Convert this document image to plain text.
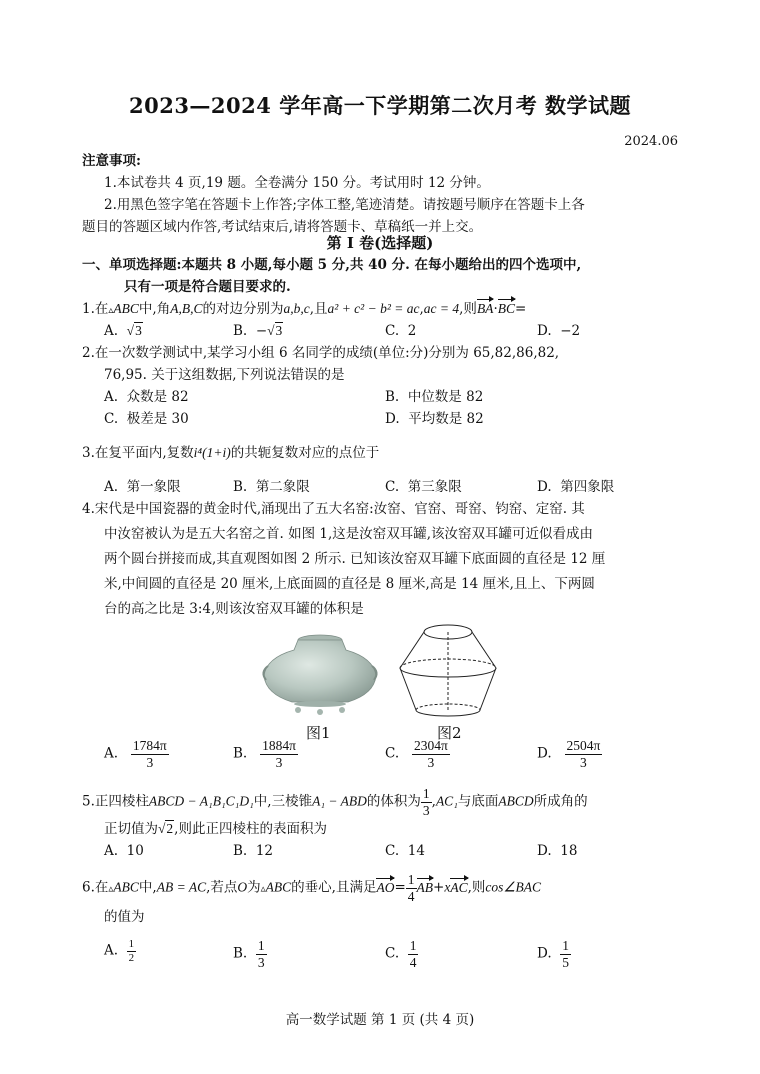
2023—2024 学年高一下学期第二次月考 数学试题
2024.06
注意事项:
1.本试卷共 4 页,19 题。全卷满分 150 分。考试用时 12 分钟。
2.用黑色签字笔在答题卡上作答;字体工整,笔迹清楚。请按题号顺序在答题卡上各
题目的答题区域内作答,考试结束后,请将答题卡、草稿纸一并上交。
第 I 卷(选择题)
一、单项选择题:本题共 8 小题,每小题 5 分,共 40 分. 在每小题给出的四个选项中,
只有一项是符合题目要求的.
1.在▵ABC中,角A,B,C的对边分别为a,b,c,且a² + c² − b² = ac,ac = 4,则BA·BC=
A. √3	B. −√3	C. 2	D. −2
2.在一次数学测试中,某学习小组 6 名同学的成绩(单位:分)分别为 65,82,86,82,
76,95. 关于这组数据,下列说法错误的是
A. 众数是 82	B. 中位数是 82
C. 极差是 30	D. 平均数是 82
3.在复平面内,复数i⁴(1+i)的共轭复数对应的点位于
A. 第一象限	B. 第二象限	C. 第三象限	D. 第四象限
4.宋代是中国瓷器的黄金时代,涌现出了五大名窑:汝窑、官窑、哥窑、钧窑、定窑. 其
中汝窑被认为是五大名窑之首. 如图 1,这是汝窑双耳罐,该汝窑双耳罐可近似看成由
两个圆台拼接而成,其直观图如图 2 所示. 已知该汝窑双耳罐下底面圆的直径是 12 厘
米,中间圆的直径是 20 厘米,上底面圆的直径是 8 厘米,高是 14 厘米,且上、下两圆
台的高之比是 3:4,则该汝窑双耳罐的体积是
图1	图2
A. $\frac{1784\pi}{3}$	B. $\frac{1884\pi}{3}$	C. $\frac{2304\pi}{3}$	D. $\frac{2504\pi}{3}$
5.正四棱柱ABCD − A₁B₁C₁D₁中,三棱锥A₁ − ABD的体积为 $\frac{1}{3} ,AC_1$与底面ABCD所成角的
正切值为√2,则此正四棱柱的表面积为
A. 10	B. 12	C. 14	D. 18
6.在▵ABC中,AB = AC,若点O为▵ABC的垂心,且满足$AO= \frac{1}{4} AB+xAC$,则cos∠BAC
的值为
A. $\frac{1}{2}$	B. $\frac{1}{3}$	C. $\frac{1}{4}$	D. $\frac{1}{5}$
高一数学试题 第 1 页 (共 4 页)
